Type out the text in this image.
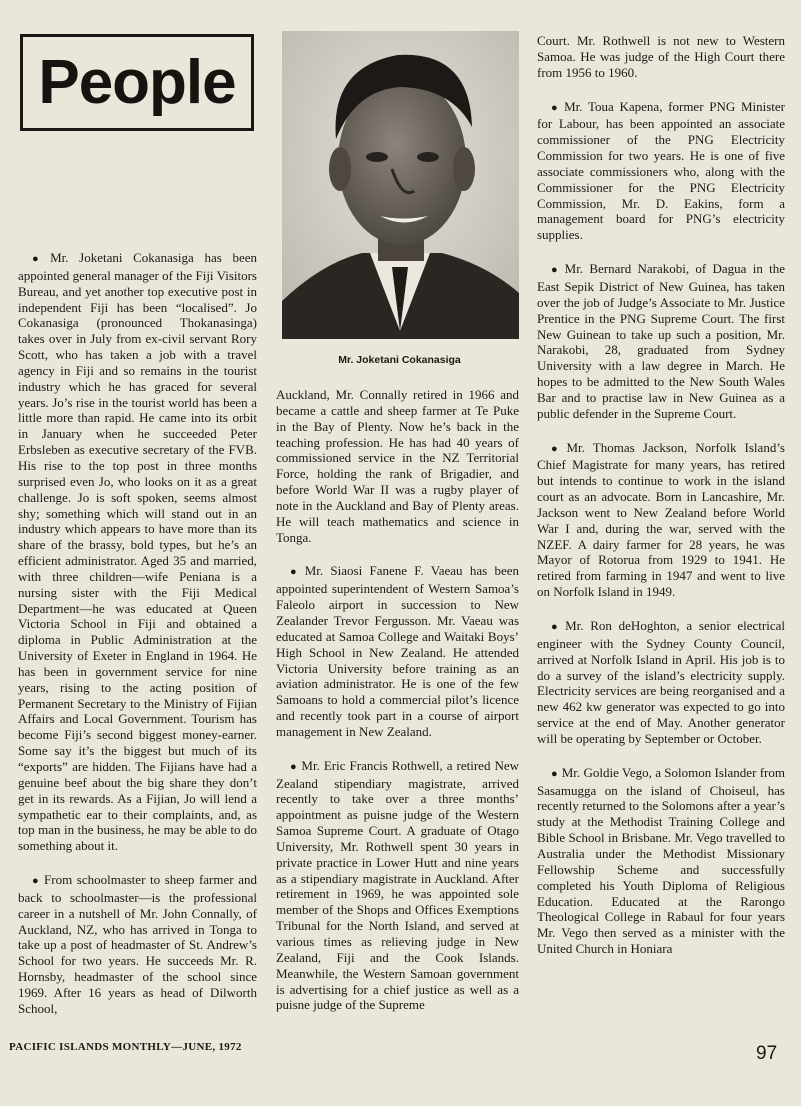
People
Mr. Joketani Cokanasiga

● Mr. Joketani Cokanasiga has been appointed general manager of the Fiji Visitors Bureau, and yet another top executive post in independent Fiji has been “localised”. Jo Cokanasiga (pronounced Thokanasinga) takes over in July from ex-civil servant Rory Scott, who has taken a job with a travel agency in Fiji and so remains in the tourist industry which he has graced for several years. Jo’s rise in the tourist world has been a little more than rapid. He came into its orbit in January when he succeeded Peter Erbsleben as executive secretary of the FVB. His rise to the top post in three months surprised even Jo, who looks on it as a great challenge. Jo is soft spoken, seems almost shy; something which will stand out in an industry which appears to have more than its share of the brassy, bold types, but he’s an efficient administrator. Aged 35 and married, with three children—wife Peniana is a nursing sister with the Fiji Medical Department—he was educated at Queen Victoria School in Fiji and obtained a diploma in Public Administration at the University of Exeter in England in 1964. He has been in government service for nine years, rising to the acting position of Permanent Secretary to the Ministry of Fijian Affairs and Local Government. Tourism has become Fiji’s second biggest money-earner. Some say it’s the biggest but much of its “exports” are hidden. The Fijians have had a genuine beef about the big share they don’t get in its rewards. As a Fijian, Jo will lend a sympathetic ear to their complaints, and, as top man in the business, he may be able to do something about it.

● From schoolmaster to sheep farmer and back to schoolmaster—is the professional career in a nutshell of Mr. John Connally, of Auckland, NZ, who has arrived in Tonga to take up a post of headmaster of St. Andrew’s School for two years. He succeeds Mr. R. Hornsby, headmaster of the school since 1969. After 16 years as head of Dilworth School,

Auckland, Mr. Connally retired in 1966 and became a cattle and sheep farmer at Te Puke in the Bay of Plenty. Now he’s back in the teaching profession. He has had 40 years of commissioned service in the NZ Territorial Force, holding the rank of Brigadier, and before World War II was a rugby player of note in the Auckland and Bay of Plenty areas. He will teach mathematics and science in Tonga.

● Mr. Siaosi Fanene F. Vaeau has been appointed superintendent of Western Samoa’s Faleolo airport in succession to New Zealander Trevor Fergusson. Mr. Vaeau was educated at Samoa College and Waitaki Boys’ High School in New Zealand. He attended Victoria University before training as an aviation administrator. He is one of the few Samoans to hold a commercial pilot’s licence and recently took part in a course of airport management in New Zealand.

● Mr. Eric Francis Rothwell, a retired New Zealand stipendiary magistrate, arrived recently to take over a three months’ appointment as puisne judge of the Western Samoa Supreme Court. A graduate of Otago University, Mr. Rothwell spent 30 years in private practice in Lower Hutt and nine years as a stipendiary magistrate in Auckland. After retirement in 1969, he was appointed sole member of the Shops and Offices Exemptions Tribunal for the North Island, and served at various times as relieving judge in New Zealand, Fiji and the Cook Islands. Meanwhile, the Western Samoan government is advertising for a chief justice as well as a puisne judge of the Supreme

Court. Mr. Rothwell is not new to Western Samoa. He was judge of the High Court there from 1956 to 1960.

● Mr. Toua Kapena, former PNG Minister for Labour, has been appointed an associate commissioner of the PNG Electricity Commission for two years. He is one of five associate commissioners who, along with the Commissioner for the PNG Electricity Commission, Mr. D. Eakins, form a management board for PNG’s electricity supplies.

● Mr. Bernard Narakobi, of Dagua in the East Sepik District of New Guinea, has taken over the job of Judge’s Associate to Mr. Justice Prentice in the PNG Supreme Court. The first New Guinean to take up such a position, Mr. Narakobi, 28, graduated from Sydney University with a law degree in March. He hopes to be admitted to the New South Wales Bar and to practise law in New Guinea as a public defender in the Supreme Court.

● Mr. Thomas Jackson, Norfolk Island’s Chief Magistrate for many years, has retired but intends to continue to work in the island court as an advocate. Born in Lancashire, Mr. Jackson went to New Zealand before World War I and, during the war, served with the NZEF. A dairy farmer for 28 years, he was Mayor of Rotorua from 1929 to 1941. He retired from farming in 1947 and went to live on Norfolk Island in 1949.

● Mr. Ron deHoghton, a senior electrical engineer with the Sydney County Council, arrived at Norfolk Island in April. His job is to do a survey of the island’s electricity supply. Electricity services are being reorganised and a new 462 kw generator was expected to go into service at the end of May. Another generator will be operating by September or October.

● Mr. Goldie Vego, a Solomon Islander from Sasamugga on the island of Choiseul, has recently returned to the Solomons after a year’s study at the Methodist Training College and Bible School in Brisbane. Mr. Vego travelled to Australia under the Methodist Missionary Fellowship Scheme and successfully completed his Youth Diploma of Religious Education. Educated at the Rarongo Theological College in Rabaul for four years Mr. Vego then served as a minister with the United Church in Honiara

PACIFIC ISLANDS MONTHLY—JUNE, 1972	97
